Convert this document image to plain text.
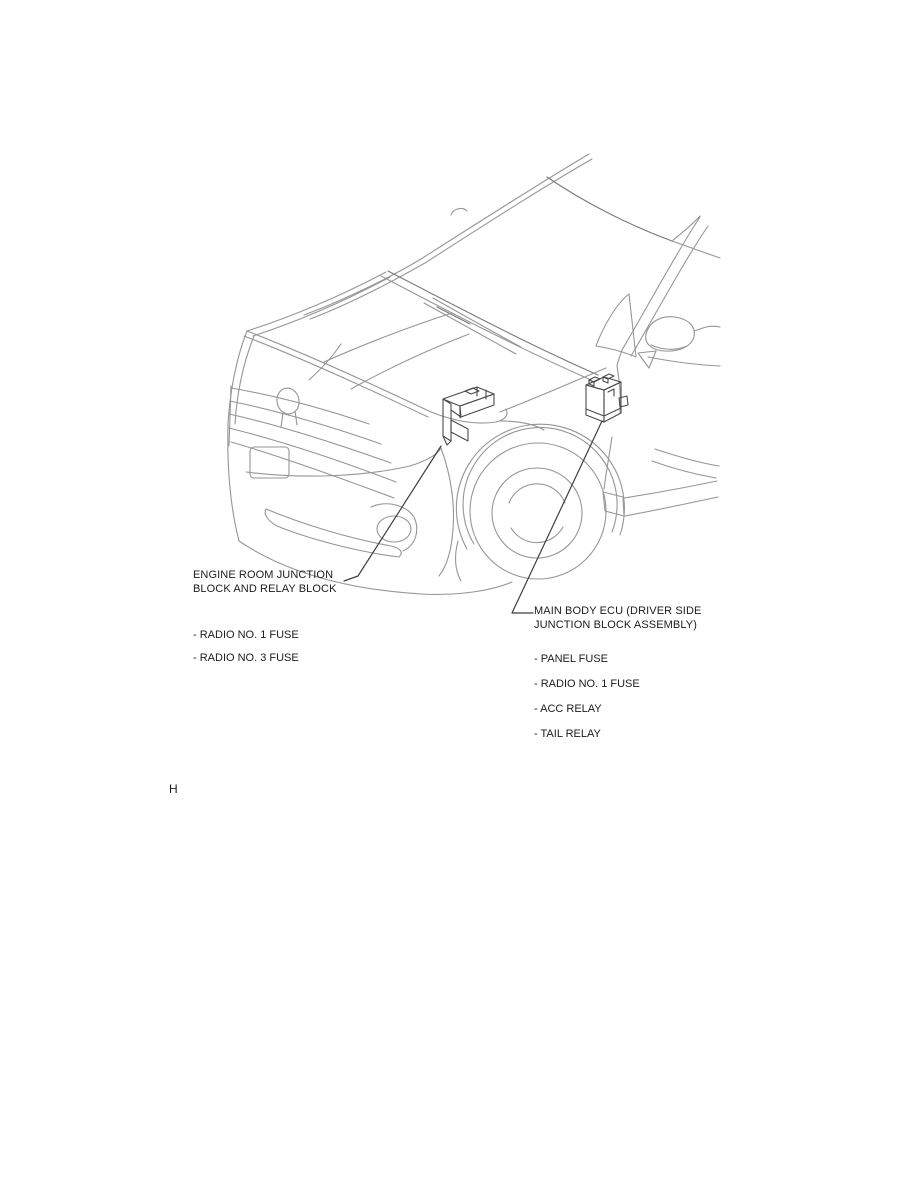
ENGINE ROOM JUNCTION
BLOCK AND RELAY BLOCK
- RADIO NO. 1 FUSE
- RADIO NO. 3 FUSE
MAIN BODY ECU (DRIVER SIDE
JUNCTION BLOCK ASSEMBLY)
- PANEL FUSE
- RADIO NO. 1 FUSE
- ACC RELAY
- TAIL RELAY
H
